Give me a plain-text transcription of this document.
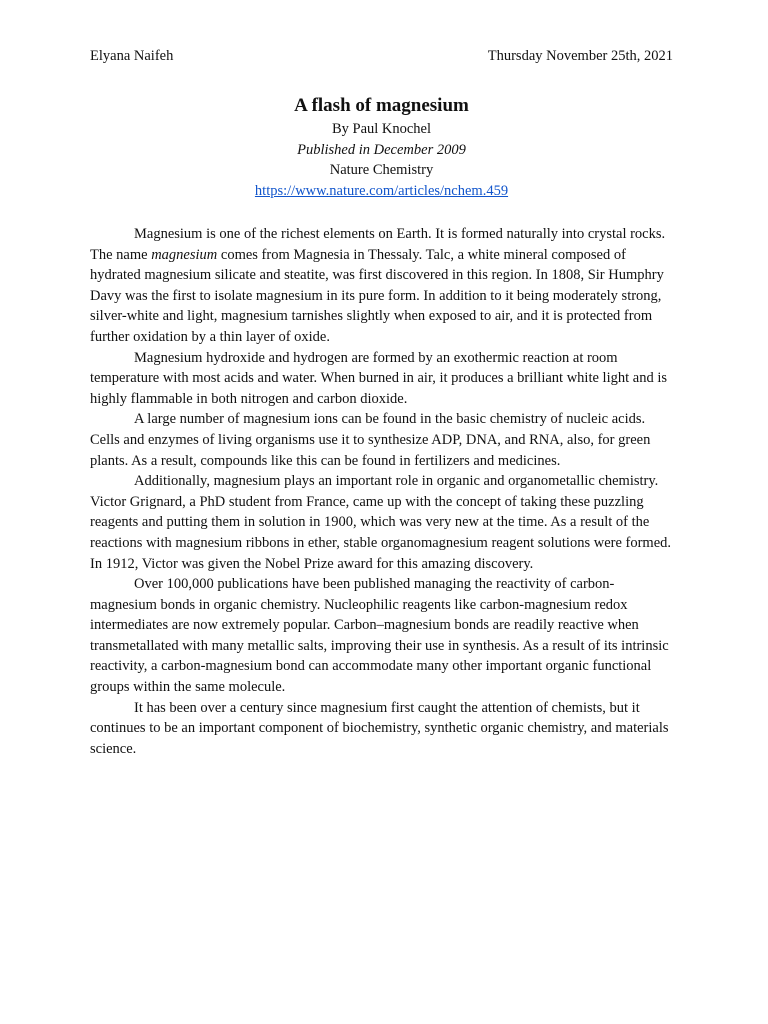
Elyana Naifeh	Thursday November 25th, 2021
A flash of magnesium
By Paul Knochel
Published in December 2009
Nature Chemistry
https://www.nature.com/articles/nchem.459

Magnesium is one of the richest elements on Earth. It is formed naturally into crystal rocks. The name magnesium comes from Magnesia in Thessaly. Talc, a white mineral composed of hydrated magnesium silicate and steatite, was first discovered in this region. In 1808, Sir Humphry Davy was the first to isolate magnesium in its pure form. In addition to it being moderately strong, silver-white and light, magnesium tarnishes slightly when exposed to air, and it is protected from further oxidation by a thin layer of oxide.

Magnesium hydroxide and hydrogen are formed by an exothermic reaction at room temperature with most acids and water. When burned in air, it produces a brilliant white light and is highly flammable in both nitrogen and carbon dioxide.

A large number of magnesium ions can be found in the basic chemistry of nucleic acids. Cells and enzymes of living organisms use it to synthesize ADP, DNA, and RNA, also, for green plants. As a result, compounds like this can be found in fertilizers and medicines.

Additionally, magnesium plays an important role in organic and organometallic chemistry. Victor Grignard, a PhD student from France, came up with the concept of taking these puzzling reagents and putting them in solution in 1900, which was very new at the time. As a result of the reactions with magnesium ribbons in ether, stable organomagnesium reagent solutions were formed. In 1912, Victor was given the Nobel Prize award for this amazing discovery.

Over 100,000 publications have been published managing the reactivity of carbon-magnesium bonds in organic chemistry. Nucleophilic reagents like carbon-magnesium redox intermediates are now extremely popular. Carbon–magnesium bonds are readily reactive when transmetallated with many metallic salts, improving their use in synthesis. As a result of its intrinsic reactivity, a carbon-magnesium bond can accommodate many other important organic functional groups within the same molecule.

It has been over a century since magnesium first caught the attention of chemists, but it continues to be an important component of biochemistry, synthetic organic chemistry, and materials science.
